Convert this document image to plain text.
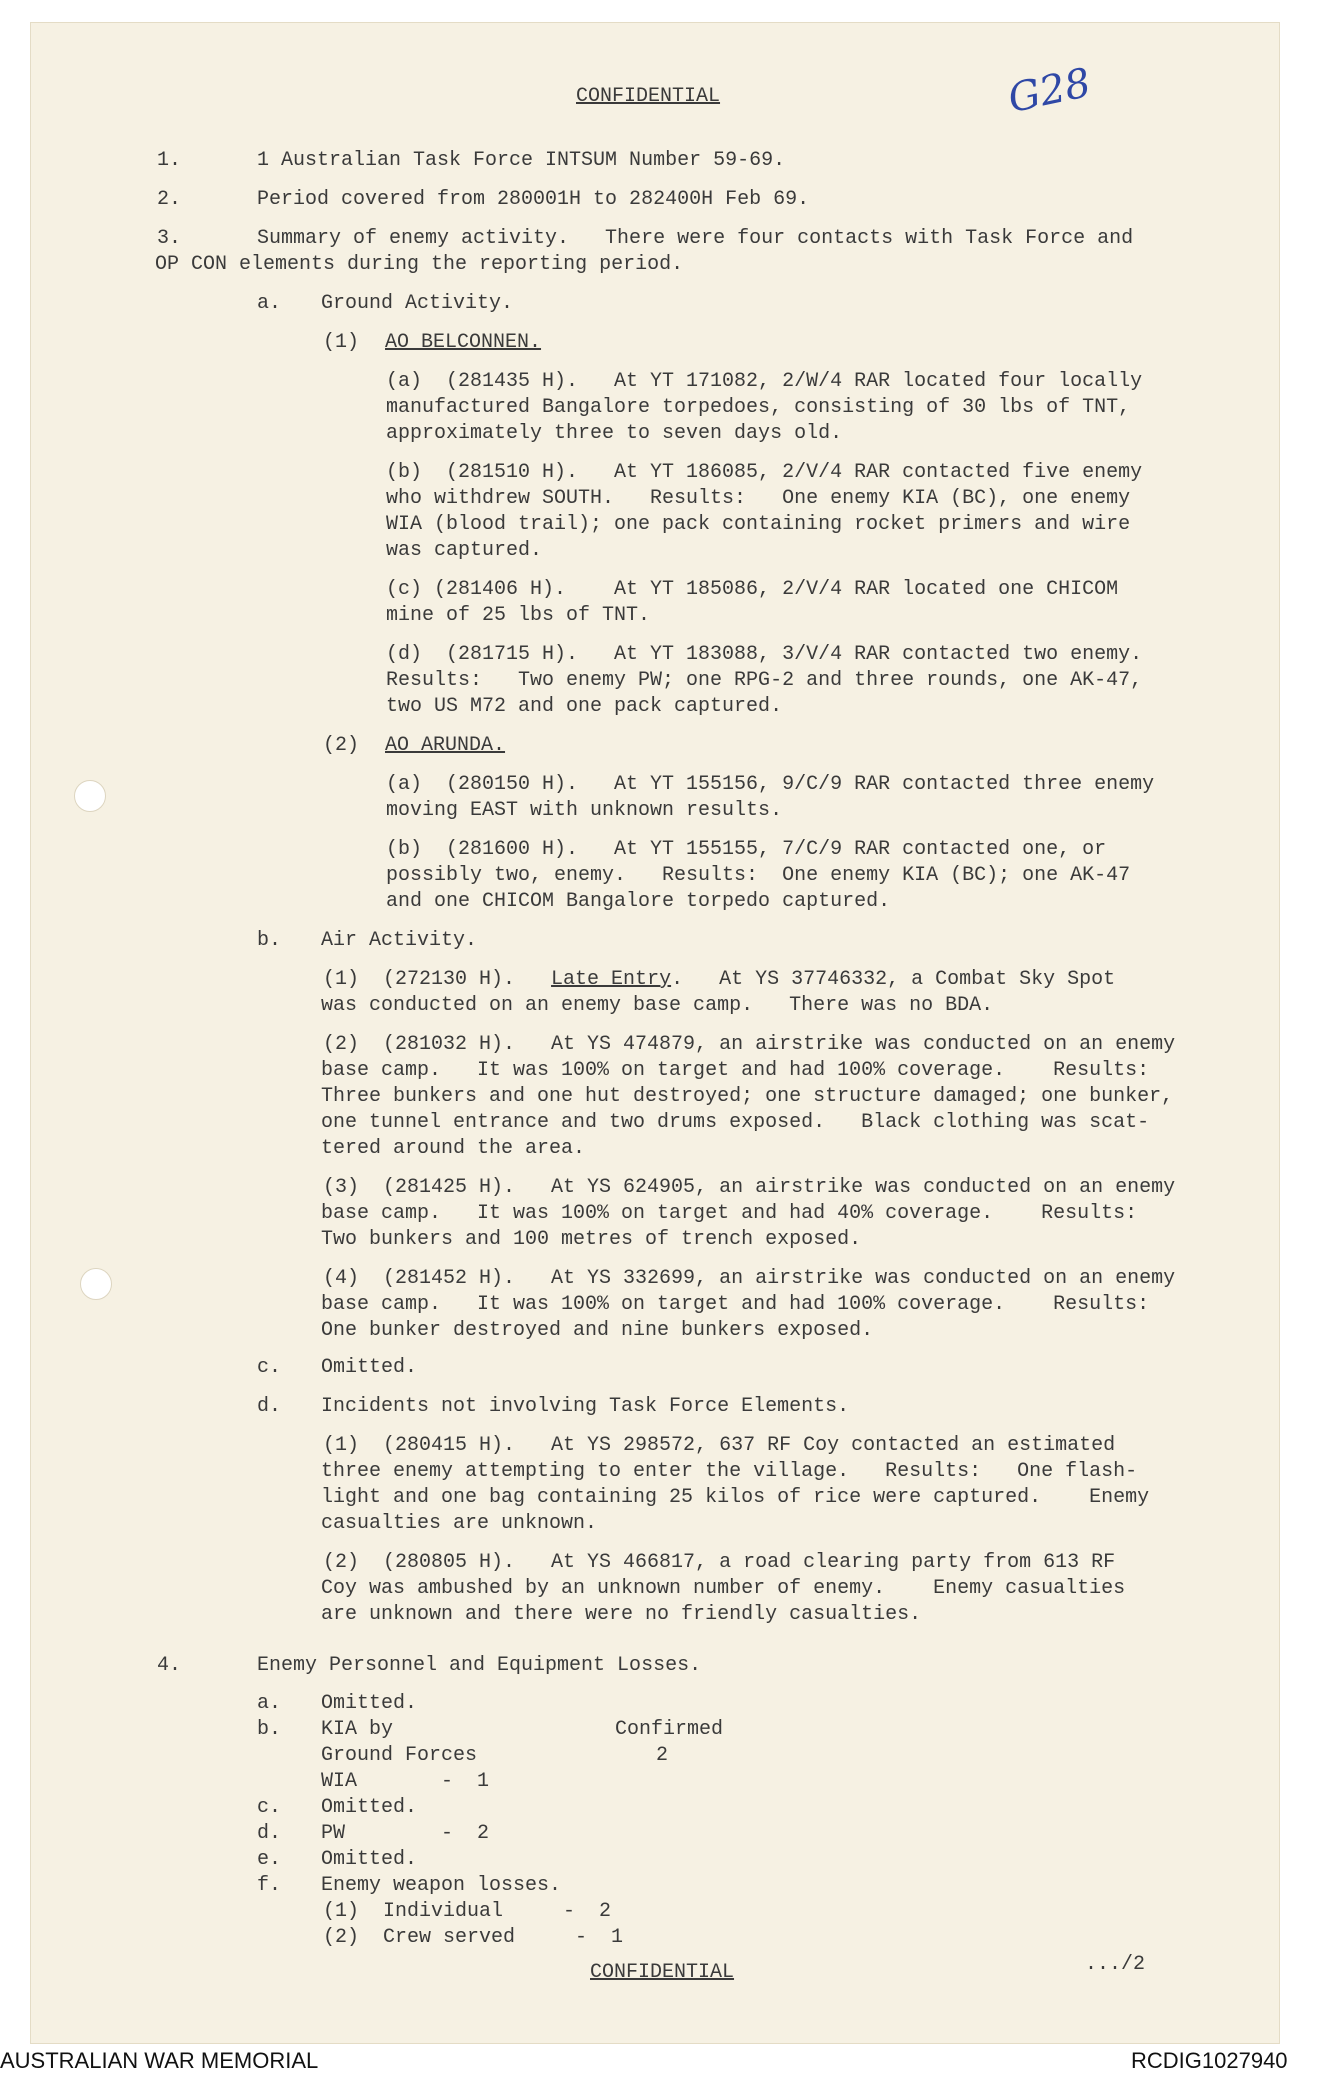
G28
CONFIDENTIAL
1.	1 Australian Task Force INTSUM Number 59-69.
2.	Period covered from 280001H to 282400H Feb 69.
3.	Summary of enemy activity.   There were four contacts with Task Force and
OP CON elements during the reporting period.
a. Ground Activity.
(1) AO BELCONNEN.
(a)  (281435 H).   At YT 171082, 2/W/4 RAR located four locally
manufactured Bangalore torpedoes, consisting of 30 lbs of TNT,
approximately three to seven days old.
(b)  (281510 H).   At YT 186085, 2/V/4 RAR contacted five enemy
who withdrew SOUTH.   Results:   One enemy KIA (BC), one enemy
WIA (blood trail); one pack containing rocket primers and wire
was captured.
(c) (281406 H).    At YT 185086, 2/V/4 RAR located one CHICOM
mine of 25 lbs of TNT.
(d)  (281715 H).   At YT 183088, 3/V/4 RAR contacted two enemy.
Results:   Two enemy PW; one RPG-2 and three rounds, one AK-47,
two US M72 and one pack captured.
(2) AO ARUNDA.
(a)  (280150 H).   At YT 155156, 9/C/9 RAR contacted three enemy
moving EAST with unknown results.
(b)  (281600 H).   At YT 155155, 7/C/9 RAR contacted one, or
possibly two, enemy.   Results:  One enemy KIA (BC); one AK-47
and one CHICOM Bangalore torpedo captured.
b. Air Activity.
(1)  (272130 H).   Late Entry.   At YS 37746332, a Combat Sky Spot
was conducted on an enemy base camp.   There was no BDA.
(2)  (281032 H).   At YS 474879, an airstrike was conducted on an enemy
base camp.   It was 100% on target and had 100% coverage.    Results:
Three bunkers and one hut destroyed; one structure damaged; one bunker,
one tunnel entrance and two drums exposed.   Black clothing was scat-
tered around the area.
(3)  (281425 H).   At YS 624905, an airstrike was conducted on an enemy
base camp.   It was 100% on target and had 40% coverage.    Results:
Two bunkers and 100 metres of trench exposed.
(4)  (281452 H).   At YS 332699, an airstrike was conducted on an enemy
base camp.   It was 100% on target and had 100% coverage.    Results:
One bunker destroyed and nine bunkers exposed.
c. Omitted.
d. Incidents not involving Task Force Elements.
(1)  (280415 H).   At YS 298572, 637 RF Coy contacted an estimated
three enemy attempting to enter the village.   Results:   One flash-
light and one bag containing 25 kilos of rice were captured.    Enemy
casualties are unknown.
(2)  (280805 H).   At YS 466817, a road clearing party from 613 RF
Coy was ambushed by an unknown number of enemy.    Enemy casualties
are unknown and there were no friendly casualties.
4.	Enemy Personnel and Equipment Losses.
a. Omitted.
b. KIA by	Confirmed
Ground Forces	2
WIA       -  1
c. Omitted.
d. PW        -  2
e. Omitted.
f. Enemy weapon losses.
(1)  Individual     -  2
(2)  Crew served     -  1
CONFIDENTIAL	.../2
AUSTRALIAN WAR MEMORIAL	RCDIG1027940
